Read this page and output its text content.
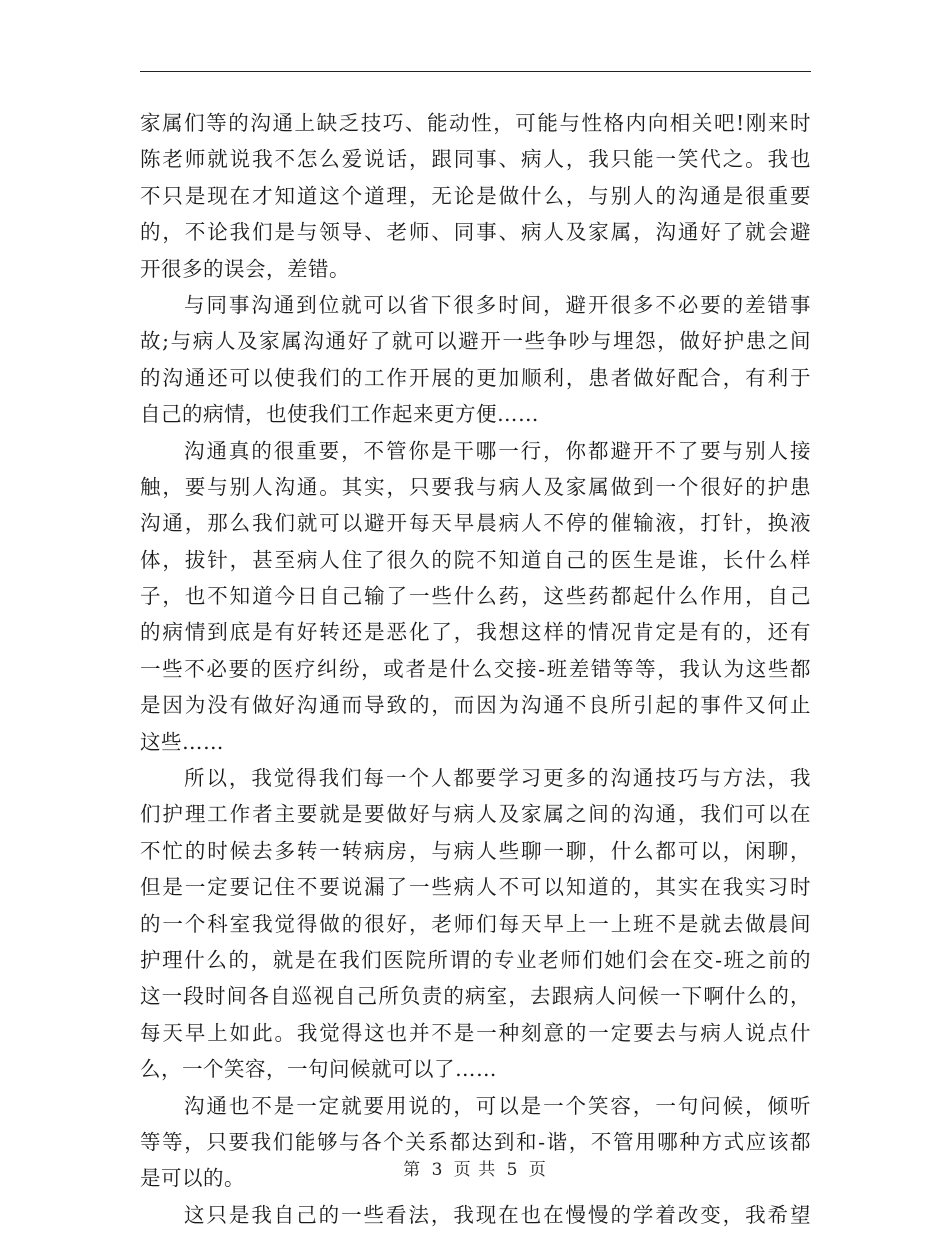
家属们等的沟通上缺乏技巧、能动性，可能与性格内向相关吧!刚来时
陈老师就说我不怎么爱说话，跟同事、病人，我只能一笑代之。我也
不只是现在才知道这个道理，无论是做什么，与别人的沟通是很重要
的，不论我们是与领导、老师、同事、病人及家属，沟通好了就会避
开很多的误会，差错。
与同事沟通到位就可以省下很多时间，避开很多不必要的差错事
故;与病人及家属沟通好了就可以避开一些争吵与埋怨，做好护患之间
的沟通还可以使我们的工作开展的更加顺利，患者做好配合，有利于
自己的病情，也使我们工作起来更方便……
沟通真的很重要，不管你是干哪一行，你都避开不了要与别人接
触，要与别人沟通。其实，只要我与病人及家属做到一个很好的护患
沟通，那么我们就可以避开每天早晨病人不停的催输液，打针，换液
体，拔针，甚至病人住了很久的院不知道自己的医生是谁，长什么样
子，也不知道今日自己输了一些什么药，这些药都起什么作用，自己
的病情到底是有好转还是恶化了，我想这样的情况肯定是有的，还有
一些不必要的医疗纠纷，或者是什么交接-班差错等等，我认为这些都
是因为没有做好沟通而导致的，而因为沟通不良所引起的事件又何止
这些……
所以，我觉得我们每一个人都要学习更多的沟通技巧与方法，我
们护理工作者主要就是要做好与病人及家属之间的沟通，我们可以在
不忙的时候去多转一转病房，与病人些聊一聊，什么都可以，闲聊，
但是一定要记住不要说漏了一些病人不可以知道的，其实在我实习时
的一个科室我觉得做的很好，老师们每天早上一上班不是就去做晨间
护理什么的，就是在我们医院所谓的专业老师们她们会在交-班之前的
这一段时间各自巡视自己所负责的病室，去跟病人问候一下啊什么的，
每天早上如此。我觉得这也并不是一种刻意的一定要去与病人说点什
么，一个笑容，一句问候就可以了……
沟通也不是一定就要用说的，可以是一个笑容，一句问候，倾听
等等，只要我们能够与各个关系都达到和-谐，不管用哪种方式应该都
是可以的。
这只是我自己的一些看法，我现在也在慢慢的学着改变，我希望
第 3 页 共 5 页
